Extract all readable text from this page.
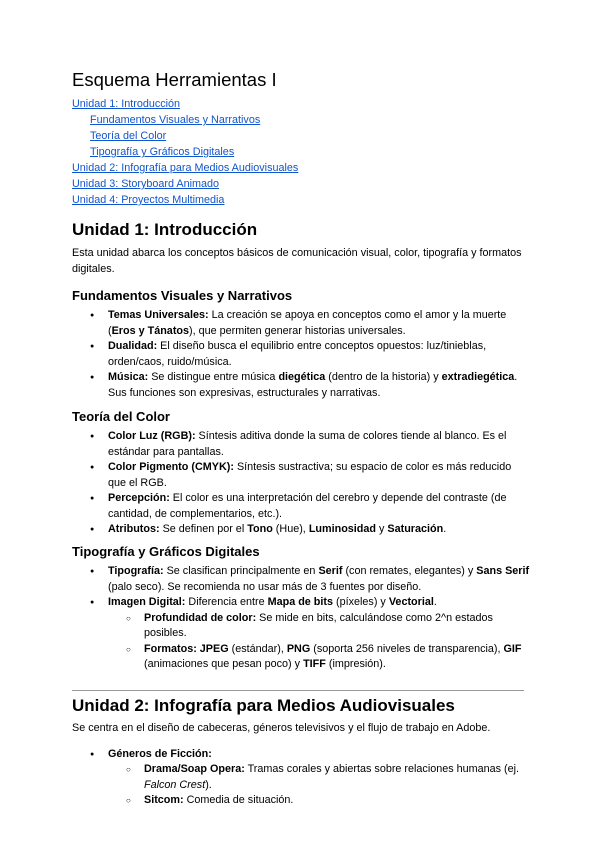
Esquema Herramientas I
Unidad 1: Introducción
Fundamentos Visuales y Narrativos
Teoría del Color
Tipografía y Gráficos Digitales
Unidad 2: Infografía para Medios Audiovisuales
Unidad 3: Storyboard Animado
Unidad 4: Proyectos Multimedia
Unidad 1: Introducción

Esta unidad abarca los conceptos básicos de comunicación visual, color, tipografía y formatos digitales.

Fundamentos Visuales y Narrativos
● Temas Universales: La creación se apoya en conceptos como el amor y la muerte (Eros y Tánatos), que permiten generar historias universales.
● Dualidad: El diseño busca el equilibrio entre conceptos opuestos: luz/tinieblas, orden/caos, ruido/música.
● Música: Se distingue entre música diegética (dentro de la historia) y extradiegética. Sus funciones son expresivas, estructurales y narrativas.
Teoría del Color
● Color Luz (RGB): Síntesis aditiva donde la suma de colores tiende al blanco. Es el estándar para pantallas.
● Color Pigmento (CMYK): Síntesis sustractiva; su espacio de color es más reducido que el RGB.
● Percepción: El color es una interpretación del cerebro y depende del contraste (de cantidad, de complementarios, etc.).
● Atributos: Se definen por el Tono (Hue), Luminosidad y Saturación.
Tipografía y Gráficos Digitales
● Tipografía: Se clasifican principalmente en Serif (con remates, elegantes) y Sans Serif (palo seco). Se recomienda no usar más de 3 fuentes por diseño.
● Imagen Digital: Diferencia entre Mapa de bits (píxeles) y Vectorial.
○ Profundidad de color: Se mide en bits, calculándose como 2^n estados posibles.
○ Formatos: JPEG (estándar), PNG (soporta 256 niveles de transparencia), GIF (animaciones que pesan poco) y TIFF (impresión).
Unidad 2: Infografía para Medios Audiovisuales

Se centra en el diseño de cabeceras, géneros televisivos y el flujo de trabajo en Adobe.

● Géneros de Ficción:
○ Drama/Soap Opera: Tramas corales y abiertas sobre relaciones humanas (ej. Falcon Crest).
○ Sitcom: Comedia de situación.
